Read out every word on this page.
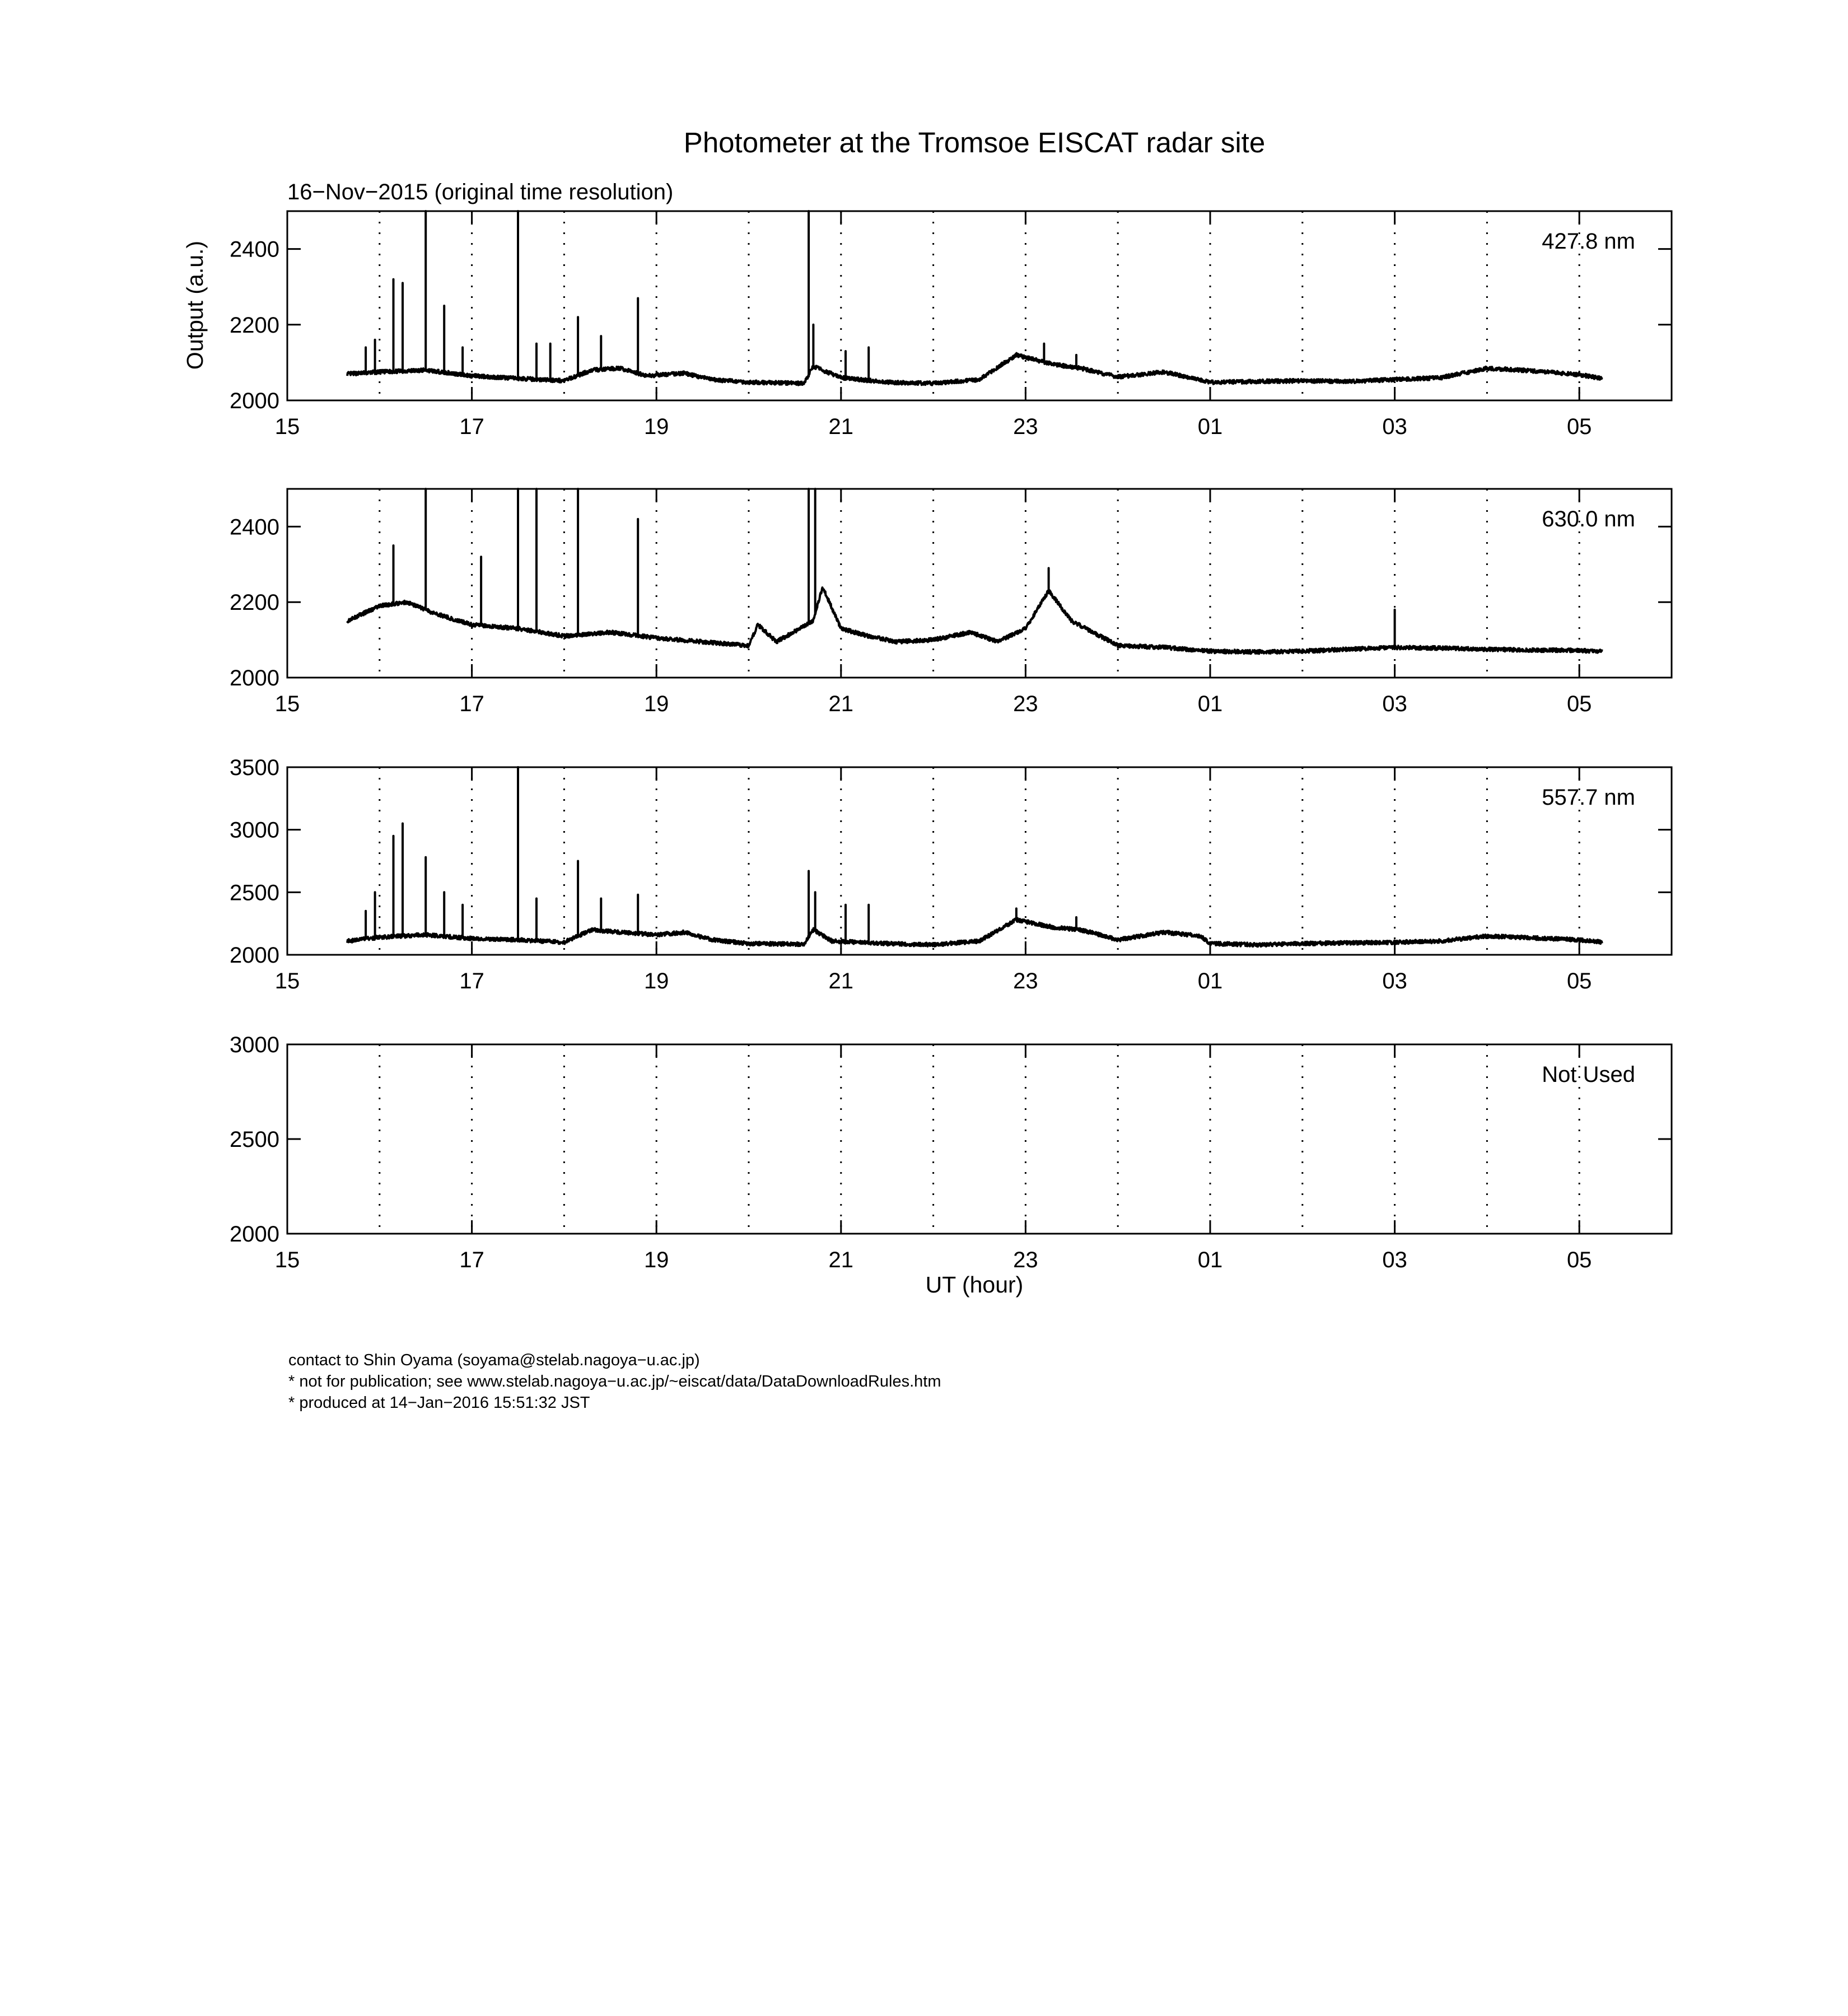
Photometer at the Tromsoe EISCAT radar site
16−Nov−2015 (original time resolution)
Output (a.u.)
UT (hour)
2000
2200
2400
15	17	19	21	23	01	03	05
427.8 nm
2000
2200
2400
15	17	19	21	23	01	03	05
630.0 nm
2000
2500
3000
3500
15	17	19	21	23	01	03	05
557.7 nm
2000
2500
3000
15	17	19	21	23	01	03	05
Not Used
contact to Shin Oyama (soyama@stelab.nagoya−u.ac.jp)
* not for publication; see www.stelab.nagoya−u.ac.jp/~eiscat/data/DataDownloadRules.htm
* produced at 14−Jan−2016 15:51:32 JST
